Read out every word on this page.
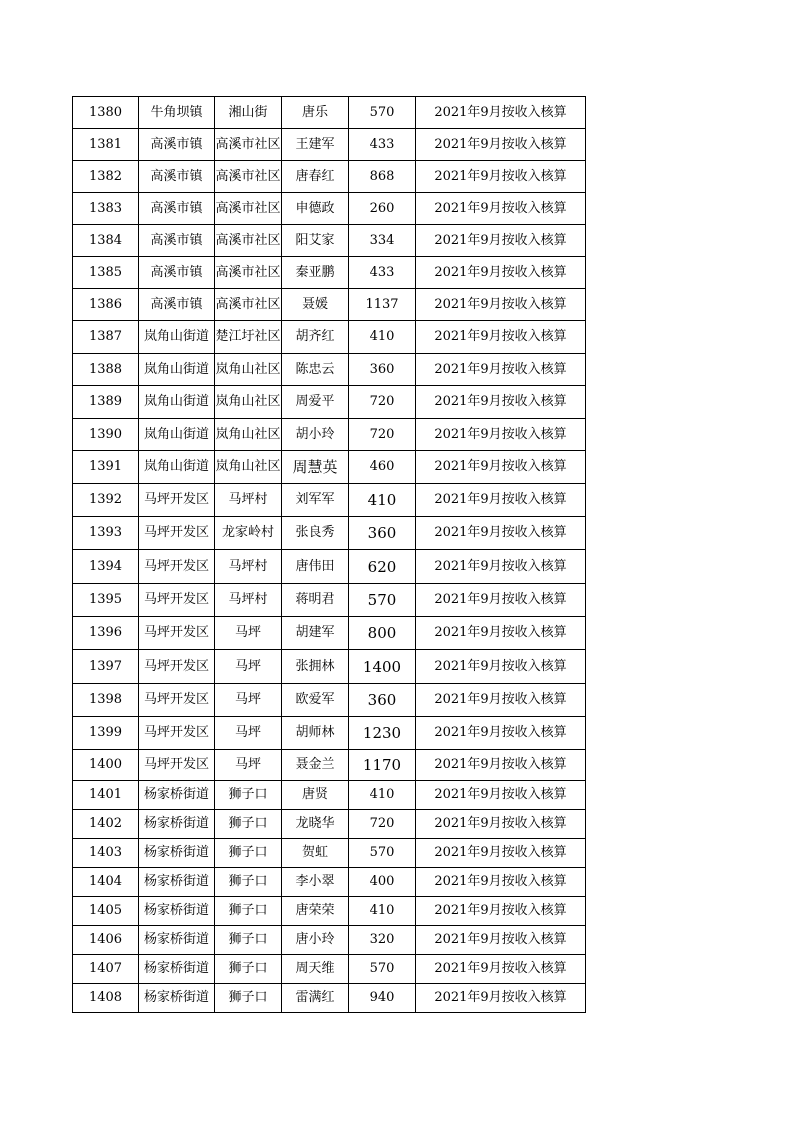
1380	牛角坝镇	湘山街	唐乐	570	2021年9月按收入核算
1381	高溪市镇	高溪市社区	王建军	433	2021年9月按收入核算
1382	高溪市镇	高溪市社区	唐春红	868	2021年9月按收入核算
1383	高溪市镇	高溪市社区	申德政	260	2021年9月按收入核算
1384	高溪市镇	高溪市社区	阳艾家	334	2021年9月按收入核算
1385	高溪市镇	高溪市社区	秦亚鹏	433	2021年9月按收入核算
1386	高溪市镇	高溪市社区	聂媛	1137	2021年9月按收入核算
1387	岚角山街道	楚江圩社区	胡齐红	410	2021年9月按收入核算
1388	岚角山街道	岚角山社区	陈忠云	360	2021年9月按收入核算
1389	岚角山街道	岚角山社区	周爱平	720	2021年9月按收入核算
1390	岚角山街道	岚角山社区	胡小玲	720	2021年9月按收入核算
1391	岚角山街道	岚角山社区	周慧英	460	2021年9月按收入核算
1392	马坪开发区	马坪村	刘军军	410	2021年9月按收入核算
1393	马坪开发区	龙家岭村	张良秀	360	2021年9月按收入核算
1394	马坪开发区	马坪村	唐伟田	620	2021年9月按收入核算
1395	马坪开发区	马坪村	蒋明君	570	2021年9月按收入核算
1396	马坪开发区	马坪	胡建军	800	2021年9月按收入核算
1397	马坪开发区	马坪	张拥林	1400	2021年9月按收入核算
1398	马坪开发区	马坪	欧爱军	360	2021年9月按收入核算
1399	马坪开发区	马坪	胡师林	1230	2021年9月按收入核算
1400	马坪开发区	马坪	聂金兰	1170	2021年9月按收入核算
1401	杨家桥街道	狮子口	唐贤	410	2021年9月按收入核算
1402	杨家桥街道	狮子口	龙晓华	720	2021年9月按收入核算
1403	杨家桥街道	狮子口	贺虹	570	2021年9月按收入核算
1404	杨家桥街道	狮子口	李小翠	400	2021年9月按收入核算
1405	杨家桥街道	狮子口	唐荣荣	410	2021年9月按收入核算
1406	杨家桥街道	狮子口	唐小玲	320	2021年9月按收入核算
1407	杨家桥街道	狮子口	周天维	570	2021年9月按收入核算
1408	杨家桥街道	狮子口	雷满红	940	2021年9月按收入核算
